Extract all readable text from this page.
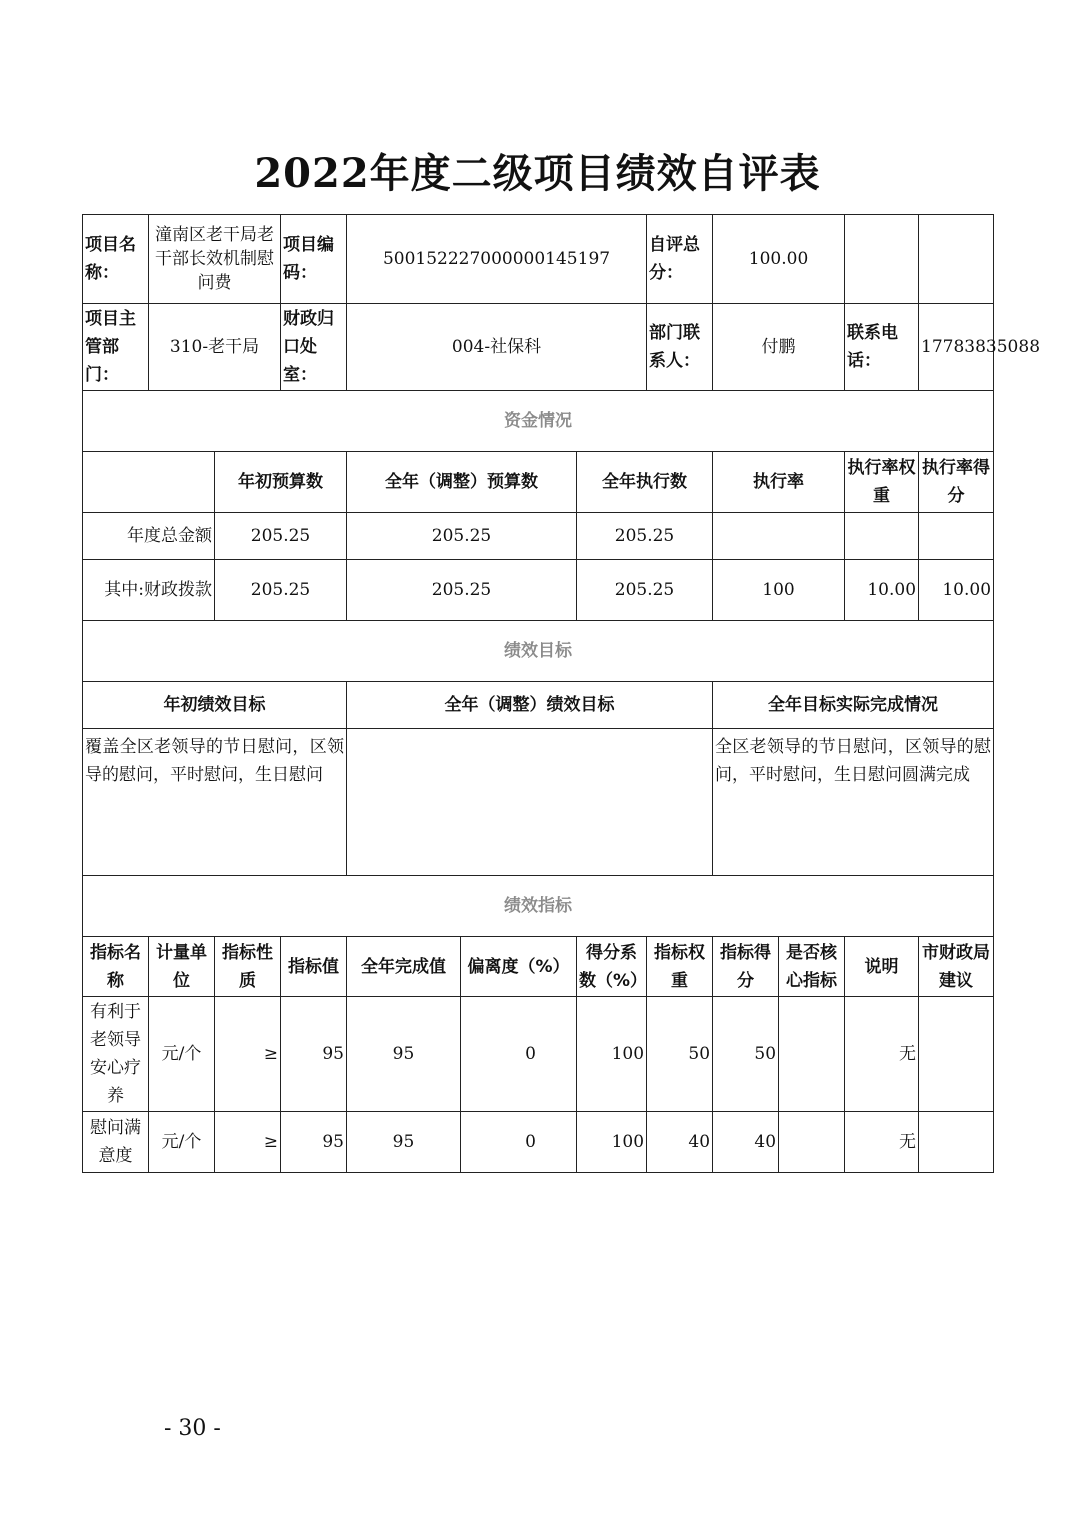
2022年度二级项目绩效自评表
项目名称：	潼南区老干局老干部长效机制慰问费		项目编码：	500152227000000145197			自评总分：	100.00			
项目主管部门：	310-老干局		财政归口处室：	004-社保科			部门联系人：	付鹏		联系电话：	17783835088
资金情况											
		年初预算数		全年（调整）预算数		全年执行数		执行率		执行率权重	执行率得分
年度总金额		205.25		205.25		205.25					
其中:财政拨款		205.25		205.25		205.25		100		10.00	10.00
绩效目标											
年初绩效目标				全年（调整）绩效目标				全年目标实际完成情况			
覆盖全区老领导的节日慰问，区领导的慰问，平时慰问，生日慰问								全区老领导的节日慰问，区领导的慰问，平时慰问，生日慰问圆满完成			
绩效指标											
指标名称	计量单位	指标性质	指标值	全年完成值	偏离度（%）	得分系数（%）	指标权重	指标得分	是否核心指标	说明	市财政局建议
有利于老领导安心疗养	元/个	≥	95	95	0	100	50	50		无	
慰问满意度	元/个	≥	95	95	0	100	40	40		无	
- 30 -
